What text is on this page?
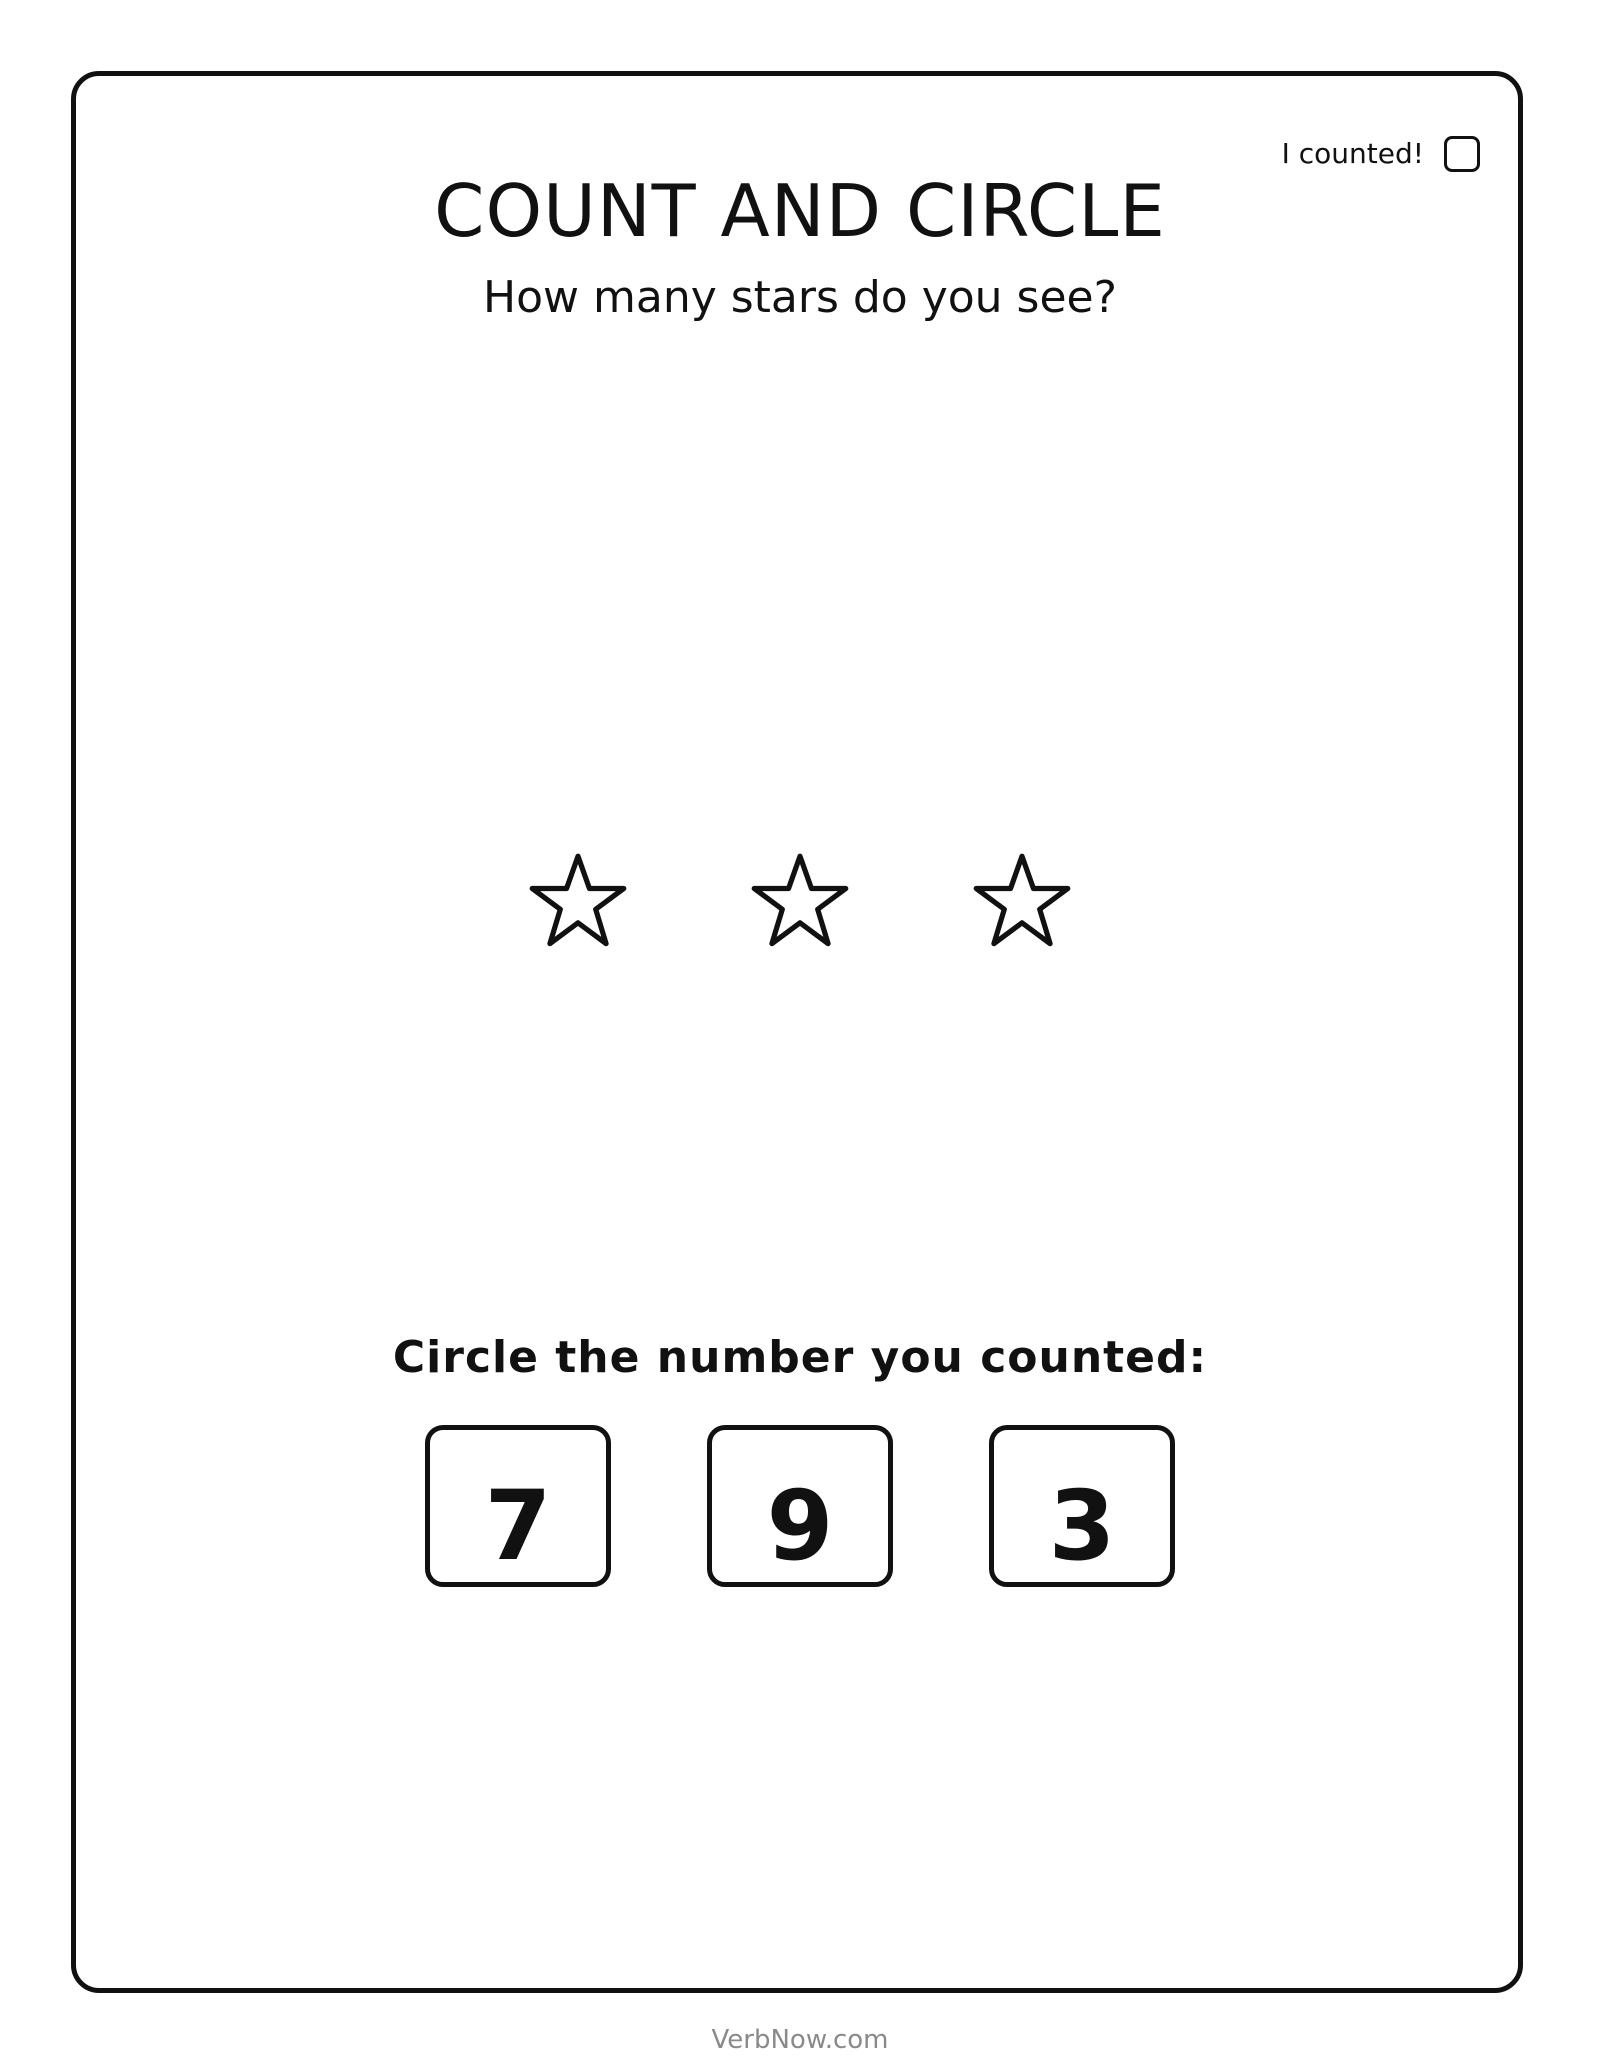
I counted!
COUNT AND CIRCLE
How many stars do you see?
Circle the number you counted:
7 9 3
VerbNow.com
